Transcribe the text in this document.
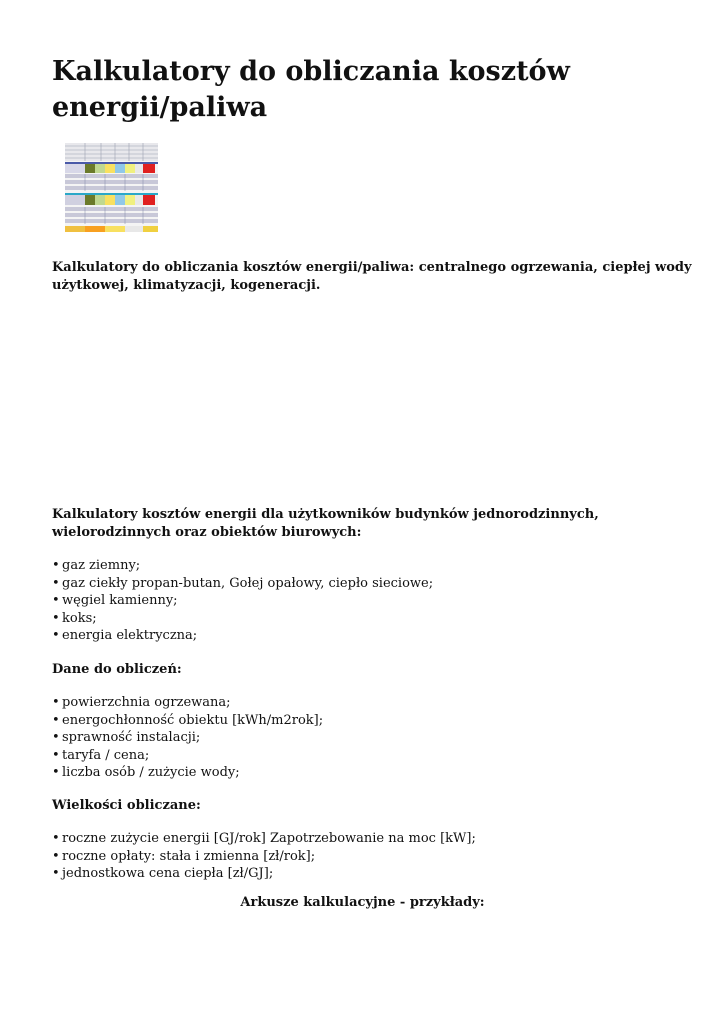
Kalkulatory do obliczania kosztów energii/paliwa

Kalkulatory do obliczania kosztów energii/paliwa: centralnego ogrzewania, ciepłej wody użytkowej, klimatyzacji, kogeneracji.

Kalkulatory kosztów energii dla użytkowników budynków jednorodzinnych, wielorodzinnych oraz obiektów biurowych:

• gaz ziemny;
• gaz ciekły propan-butan, Gołej opałowy, ciepło sieciowe;
• węgiel kamienny;
• koks;
• energia elektryczna;

Dane do obliczeń:

• powierzchnia ogrzewana;
• energochłonność obiektu [kWh/m2rok];
• sprawność instalacji;
• taryfa / cena;
• liczba osób / zużycie wody;

Wielkości obliczane:

• roczne zużycie energii [GJ/rok] Zapotrzebowanie na moc [kW];
• roczne opłaty: stała i zmienna [zł/rok];
• jednostkowa cena ciepła [zł/GJ];

Arkusze kalkulacyjne - przykłady:
